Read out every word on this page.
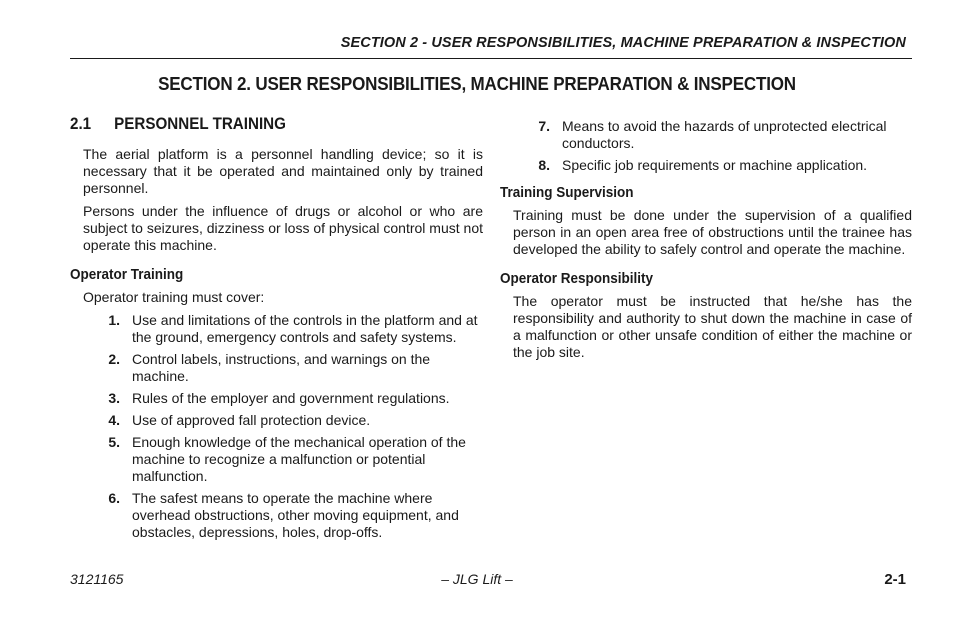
SECTION 2 - USER RESPONSIBILITIES, MACHINE PREPARATION & INSPECTION
SECTION 2. USER RESPONSIBILITIES, MACHINE PREPARATION & INSPECTION
2.1	PERSONNEL TRAINING

The aerial platform is a personnel handling device; so it is necessary that it be operated and maintained only by trained personnel.

Persons under the influence of drugs or alcohol or who are subject to seizures, dizziness or loss of physical control must not operate this machine.

Operator Training

Operator training must cover:

1. Use and limitations of the controls in the platform and at the ground, emergency controls and safety systems.
2. Control labels, instructions, and warnings on the machine.
3. Rules of the employer and government regulations.
4. Use of approved fall protection device.
5. Enough knowledge of the mechanical operation of the machine to recognize a malfunction or potential malfunction.
6. The safest means to operate the machine where overhead obstructions, other moving equipment, and obstacles, depressions, holes, drop-offs.
7. Means to avoid the hazards of unprotected electrical conductors.
8. Specific job requirements or machine application.
Training Supervision

Training must be done under the supervision of a qualified person in an open area free of obstructions until the trainee has developed the ability to safely control and operate the machine.

Operator Responsibility

The operator must be instructed that he/she has the responsibility and authority to shut down the machine in case of a malfunction or other unsafe condition of either the machine or the job site.

3121165	– JLG Lift –	2-1
